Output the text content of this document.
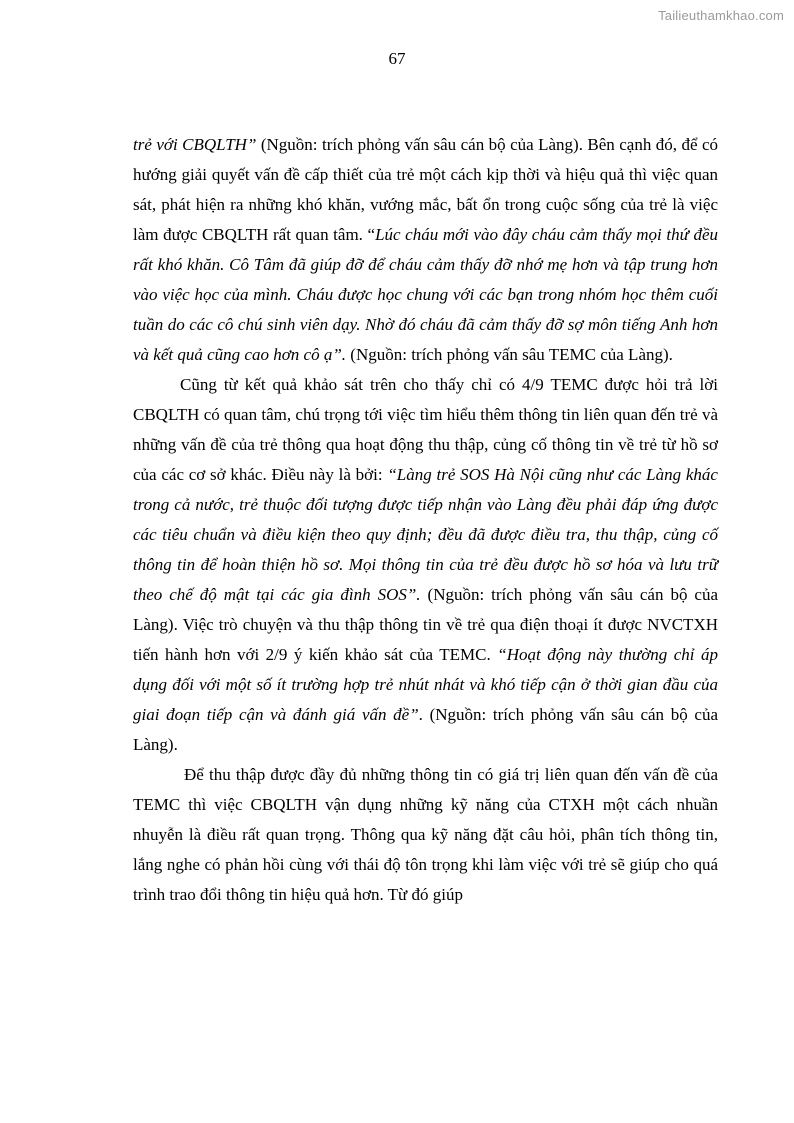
Tailieuthamkhao.com
67

trẻ với CBQLTH” (Nguồn: trích phỏng vấn sâu cán bộ của Làng). Bên cạnh đó, để có hướng giải quyết vấn đề cấp thiết của trẻ một cách kịp thời và hiệu quả thì việc quan sát, phát hiện ra những khó khăn, vướng mắc, bất ổn trong cuộc sống của trẻ là việc làm được CBQLTH rất quan tâm. “Lúc cháu mới vào đây cháu cảm thấy mọi thứ đều rất khó khăn. Cô Tâm đã giúp đỡ để cháu cảm thấy đỡ nhớ mẹ hơn và tập trung hơn vào việc học của mình. Cháu được học chung với các bạn trong nhóm học thêm cuối tuần do các cô chú sinh viên dạy. Nhờ đó cháu đã cảm thấy đỡ sợ môn tiếng Anh hơn và kết quả cũng cao hơn cô ạ”. (Nguồn: trích phỏng vấn sâu TEMC của Làng).

Cũng từ kết quả khảo sát trên cho thấy chỉ có 4/9 TEMC được hỏi trả lời CBQLTH có quan tâm, chú trọng tới việc tìm hiểu thêm thông tin liên quan đến trẻ và những vấn đề của trẻ thông qua hoạt động thu thập, củng cố thông tin về trẻ từ hồ sơ của các cơ sở khác. Điều này là bởi: “Làng trẻ SOS Hà Nội cũng như các Làng khác trong cả nước, trẻ thuộc đối tượng được tiếp nhận vào Làng đều phải đáp ứng được các tiêu chuẩn và điều kiện theo quy định; đều đã được điều tra, thu thập, củng cố thông tin để hoàn thiện hồ sơ. Mọi thông tin của trẻ đều được hồ sơ hóa và lưu trữ theo chế độ mật tại các gia đình SOS”. (Nguồn: trích phỏng vấn sâu cán bộ của Làng). Việc trò chuyện và thu thập thông tin về trẻ qua điện thoại ít được NVCTXH tiến hành hơn với 2/9 ý kiến khảo sát của TEMC. “Hoạt động này thường chỉ áp dụng đối với một số ít trường hợp trẻ nhút nhát và khó tiếp cận ở thời gian đầu của giai đoạn tiếp cận và đánh giá vấn đề”. (Nguồn: trích phỏng vấn sâu cán bộ của Làng).

Để thu thập được đầy đủ những thông tin có giá trị liên quan đến vấn đề của TEMC thì việc CBQLTH vận dụng những kỹ năng của CTXH một cách nhuần nhuyễn là điều rất quan trọng. Thông qua kỹ năng đặt câu hỏi, phân tích thông tin, lắng nghe có phản hồi cùng với thái độ tôn trọng khi làm việc với trẻ sẽ giúp cho quá trình trao đổi thông tin hiệu quả hơn. Từ đó giúp
